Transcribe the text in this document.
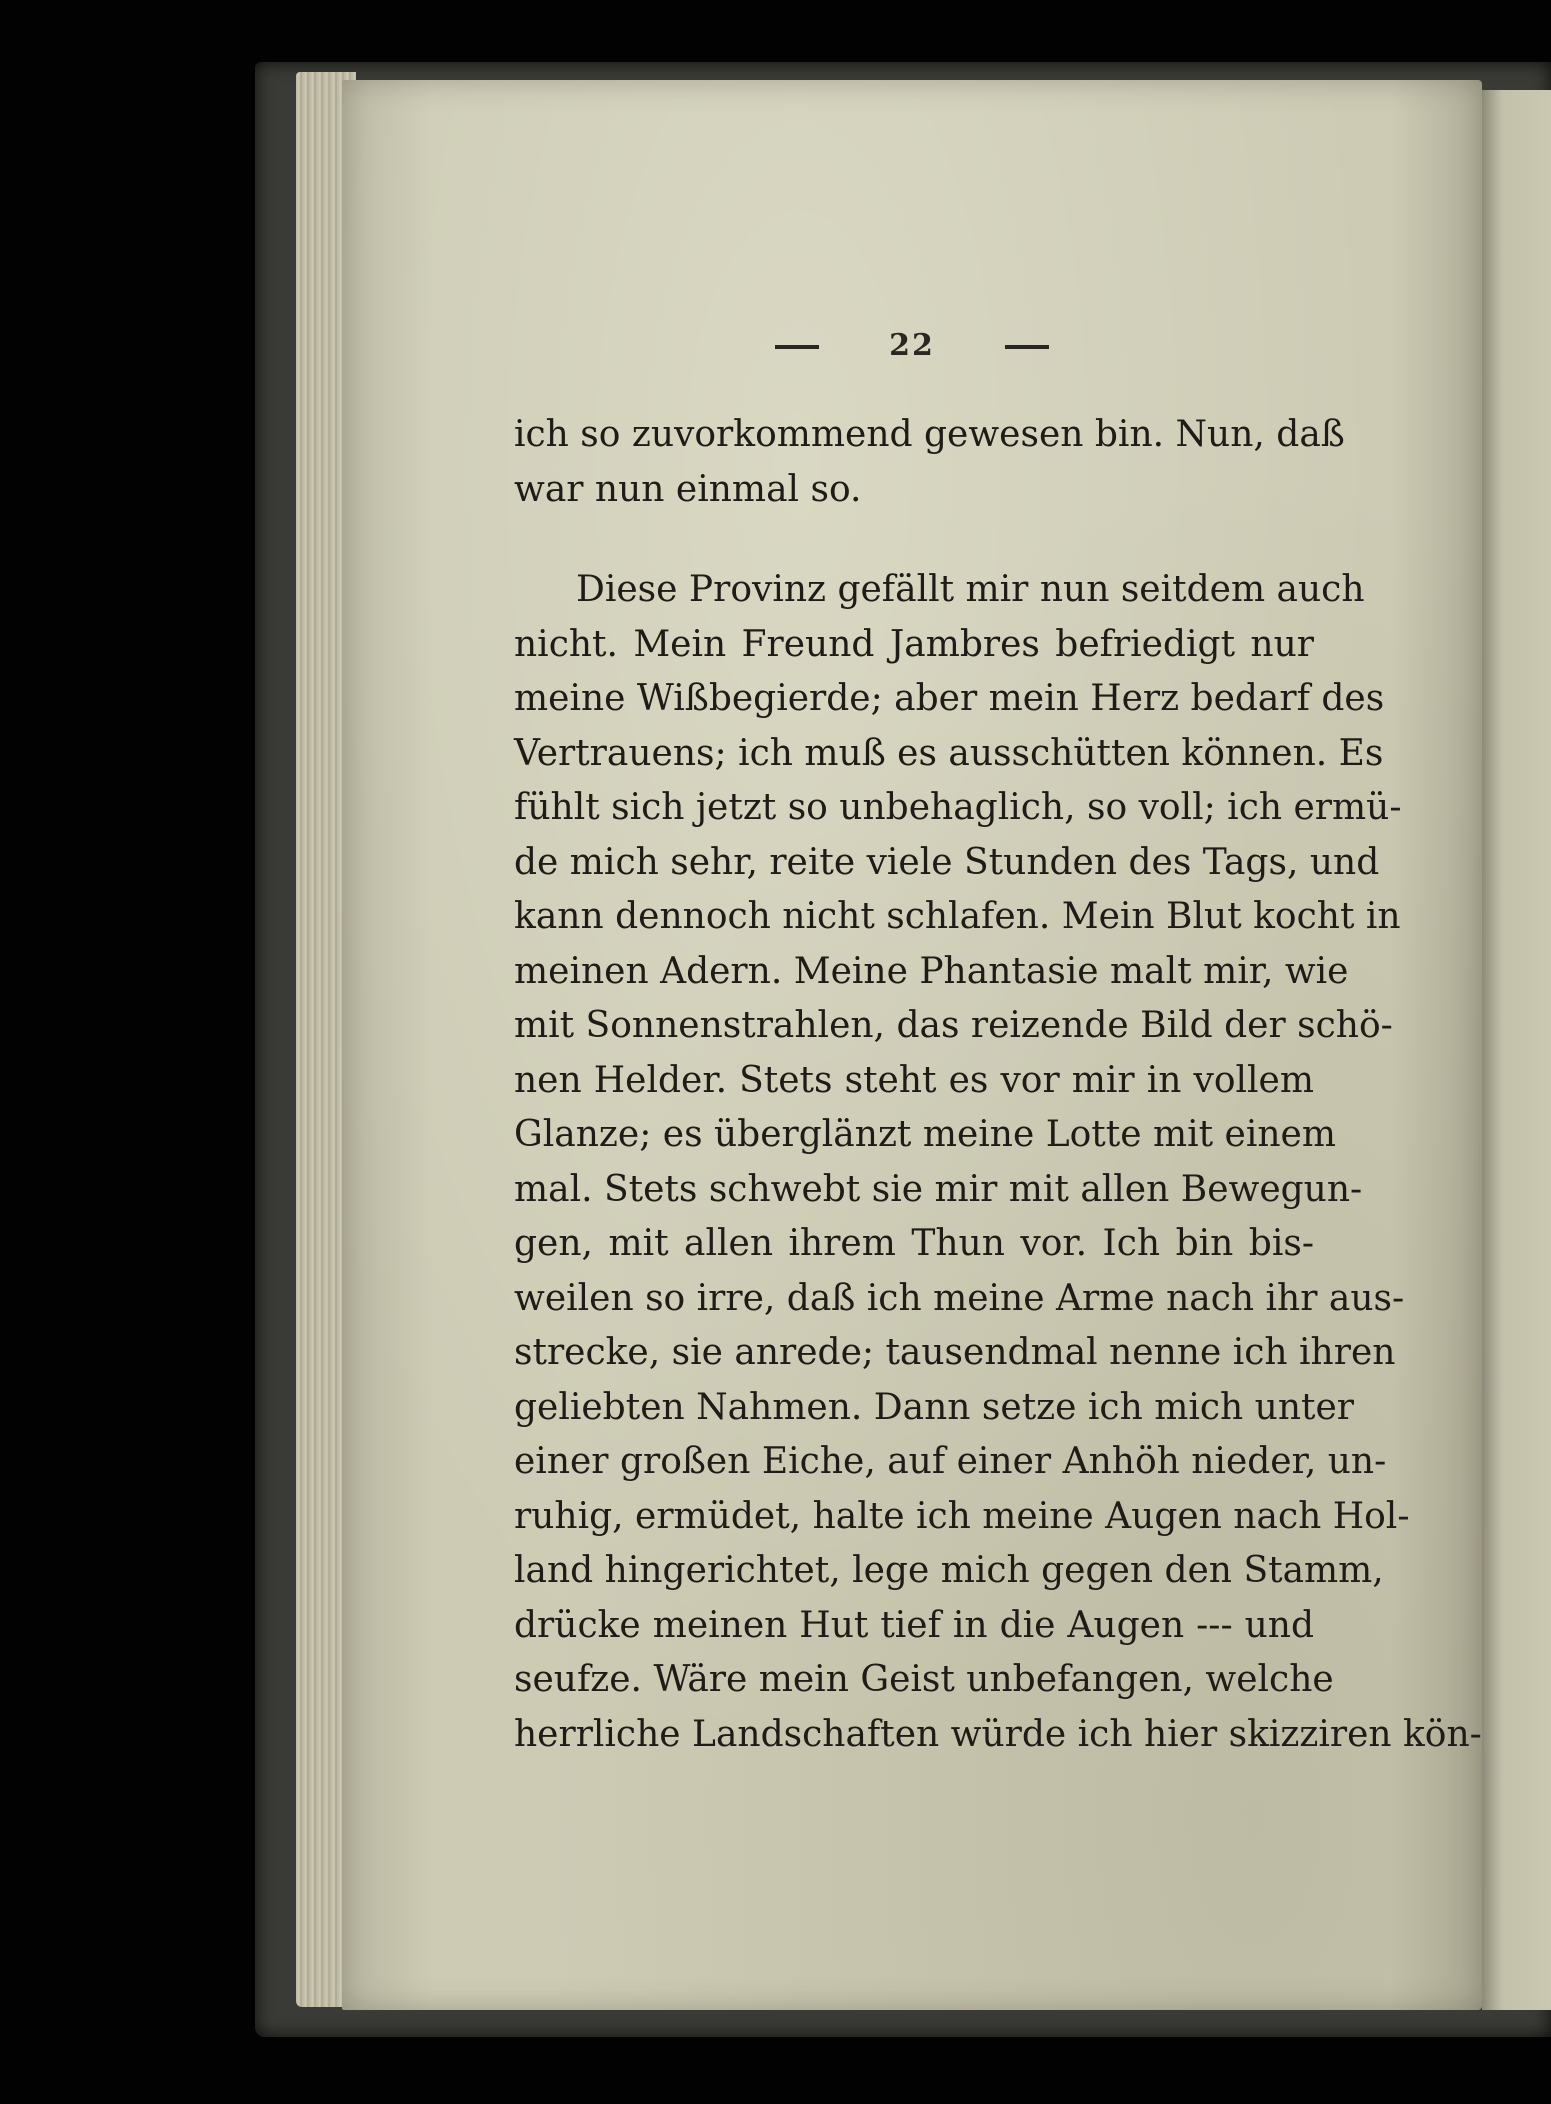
22
ich so zuvorkommend gewesen bin. Nun, daß
war nun einmal so.
Diese Provinz gefällt mir nun seitdem auch
nicht. Mein Freund Jambres befriedigt nur
meine Wißbegierde; aber mein Herz bedarf des
Vertrauens; ich muß es ausschütten können. Es
fühlt sich jetzt so unbehaglich, so voll; ich ermü-
de mich sehr, reite viele Stunden des Tags, und
kann dennoch nicht schlafen. Mein Blut kocht in
meinen Adern. Meine Phantasie malt mir, wie
mit Sonnenstrahlen, das reizende Bild der schö-
nen Helder. Stets steht es vor mir in vollem
Glanze; es überglänzt meine Lotte mit einem
mal. Stets schwebt sie mir mit allen Bewegun-
gen, mit allen ihrem Thun vor. Ich bin bis-
weilen so irre, daß ich meine Arme nach ihr aus-
strecke, sie anrede; tausendmal nenne ich ihren
geliebten Nahmen. Dann setze ich mich unter
einer großen Eiche, auf einer Anhöh nieder, un-
ruhig, ermüdet, halte ich meine Augen nach Hol-
land hingerichtet, lege mich gegen den Stamm,
drücke meinen Hut tief in die Augen --- und
seufze. Wäre mein Geist unbefangen, welche
herrliche Landschaften würde ich hier skizziren kön-
